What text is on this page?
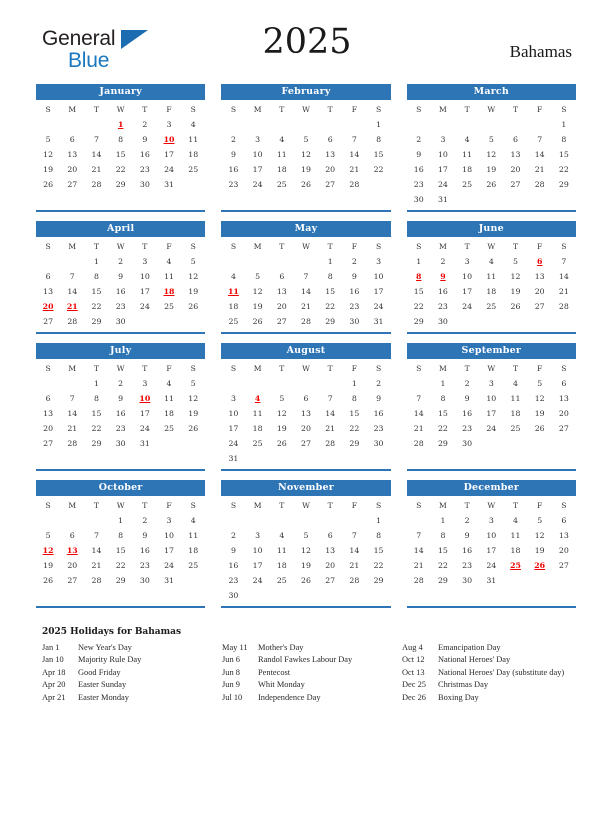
General
Blue	2025	Bahamas
January
S	M	T	W	T	F	S
			1	2	3	4
5	6	7	8	9	10	11
12	13	14	15	16	17	18
19	20	21	22	23	24	25
26	27	28	29	30	31	
February
S	M	T	W	T	F	S
						1
2	3	4	5	6	7	8
9	10	11	12	13	14	15
16	17	18	19	20	21	22
23	24	25	26	27	28	
March
S	M	T	W	T	F	S
						1
2	3	4	5	6	7	8
9	10	11	12	13	14	15
16	17	18	19	20	21	22
23	24	25	26	27	28	29
30	31					
April
S	M	T	W	T	F	S
		1	2	3	4	5
6	7	8	9	10	11	12
13	14	15	16	17	18	19
20	21	22	23	24	25	26
27	28	29	30			
May
S	M	T	W	T	F	S
				1	2	3
4	5	6	7	8	9	10
11	12	13	14	15	16	17
18	19	20	21	22	23	24
25	26	27	28	29	30	31
June
S	M	T	W	T	F	S
1	2	3	4	5	6	7
8	9	10	11	12	13	14
15	16	17	18	19	20	21
22	23	24	25	26	27	28
29	30					
July
S	M	T	W	T	F	S
		1	2	3	4	5
6	7	8	9	10	11	12
13	14	15	16	17	18	19
20	21	22	23	24	25	26
27	28	29	30	31		
August
S	M	T	W	T	F	S
					1	2
3	4	5	6	7	8	9
10	11	12	13	14	15	16
17	18	19	20	21	22	23
24	25	26	27	28	29	30
31						
September
S	M	T	W	T	F	S
	1	2	3	4	5	6
7	8	9	10	11	12	13
14	15	16	17	18	19	20
21	22	23	24	25	26	27
28	29	30				
October
S	M	T	W	T	F	S
			1	2	3	4
5	6	7	8	9	10	11
12	13	14	15	16	17	18
19	20	21	22	23	24	25
26	27	28	29	30	31	
November
S	M	T	W	T	F	S
						1
2	3	4	5	6	7	8
9	10	11	12	13	14	15
16	17	18	19	20	21	22
23	24	25	26	27	28	29
30						
December
S	M	T	W	T	F	S
	1	2	3	4	5	6
7	8	9	10	11	12	13
14	15	16	17	18	19	20
21	22	23	24	25	26	27
28	29	30	31			
2025 Holidays for Bahamas
Jan 1	New Year's Day
Jan 10	Majority Rule Day
Apr 18	Good Friday
Apr 20	Easter Sunday
Apr 21	Easter Monday
May 11	Mother's Day
Jun 6	Randol Fawkes Labour Day
Jun 8	Pentecost
Jun 9	Whit Monday
Jul 10	Independence Day
Aug 4	Emancipation Day
Oct 12	National Heroes' Day
Oct 13	National Heroes' Day (substitute day)
Dec 25	Christmas Day
Dec 26	Boxing Day
